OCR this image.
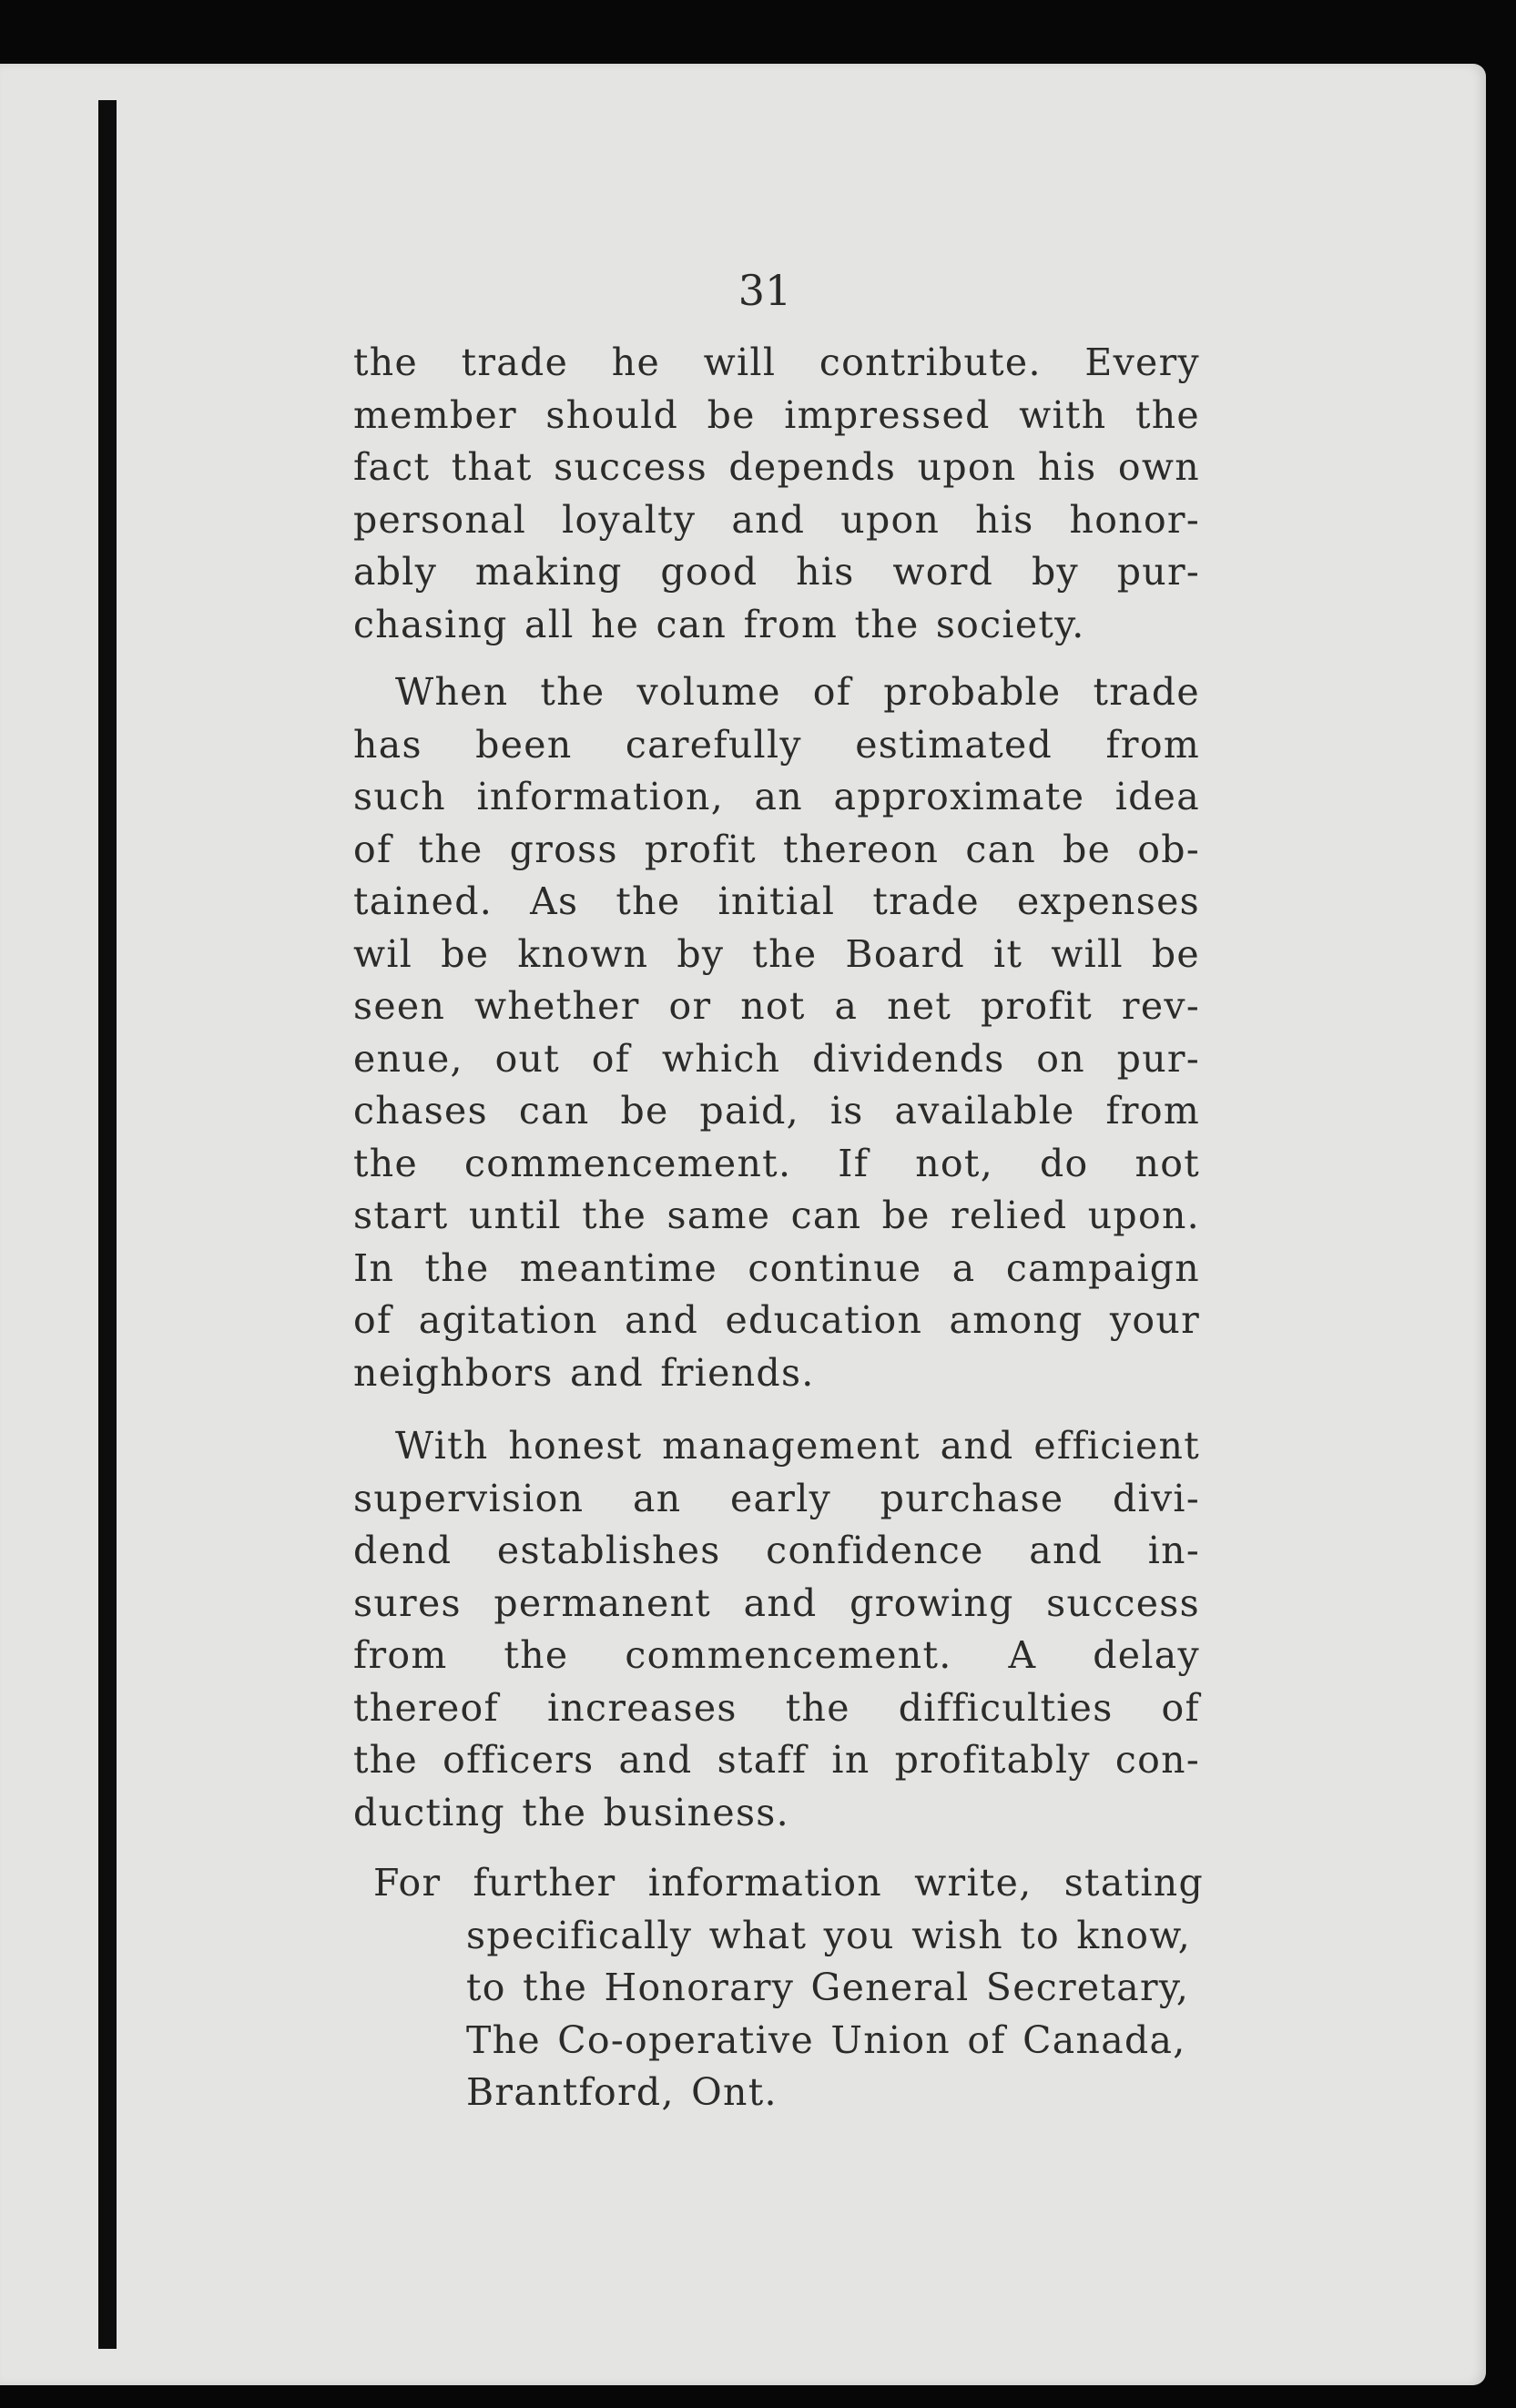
31
the trade he will contribute. Every
member should be impressed with the
fact that success depends upon his own
personal loyalty and upon his honor-
ably making good his word by pur-
chasing all he can from the society.
When the volume of probable trade
has been carefully estimated from
such information, an approximate idea
of the gross profit thereon can be ob-
tained. As the initial trade expenses
wil be known by the Board it will be
seen whether or not a net profit rev-
enue, out of which dividends on pur-
chases can be paid, is available from
the commencement. If not, do not
start until the same can be relied upon.
In the meantime continue a campaign
of agitation and education among your
neighbors and friends.
With honest management and efficient
supervision an early purchase divi-
dend establishes confidence and in-
sures permanent and growing success
from the commencement. A delay
thereof increases the difficulties of
the officers and staff in profitably con-
ducting the business.
For further information write, stating
specifically what you wish to know,
to the Honorary General Secretary,
The Co-operative Union of Canada,
Brantford, Ont.
